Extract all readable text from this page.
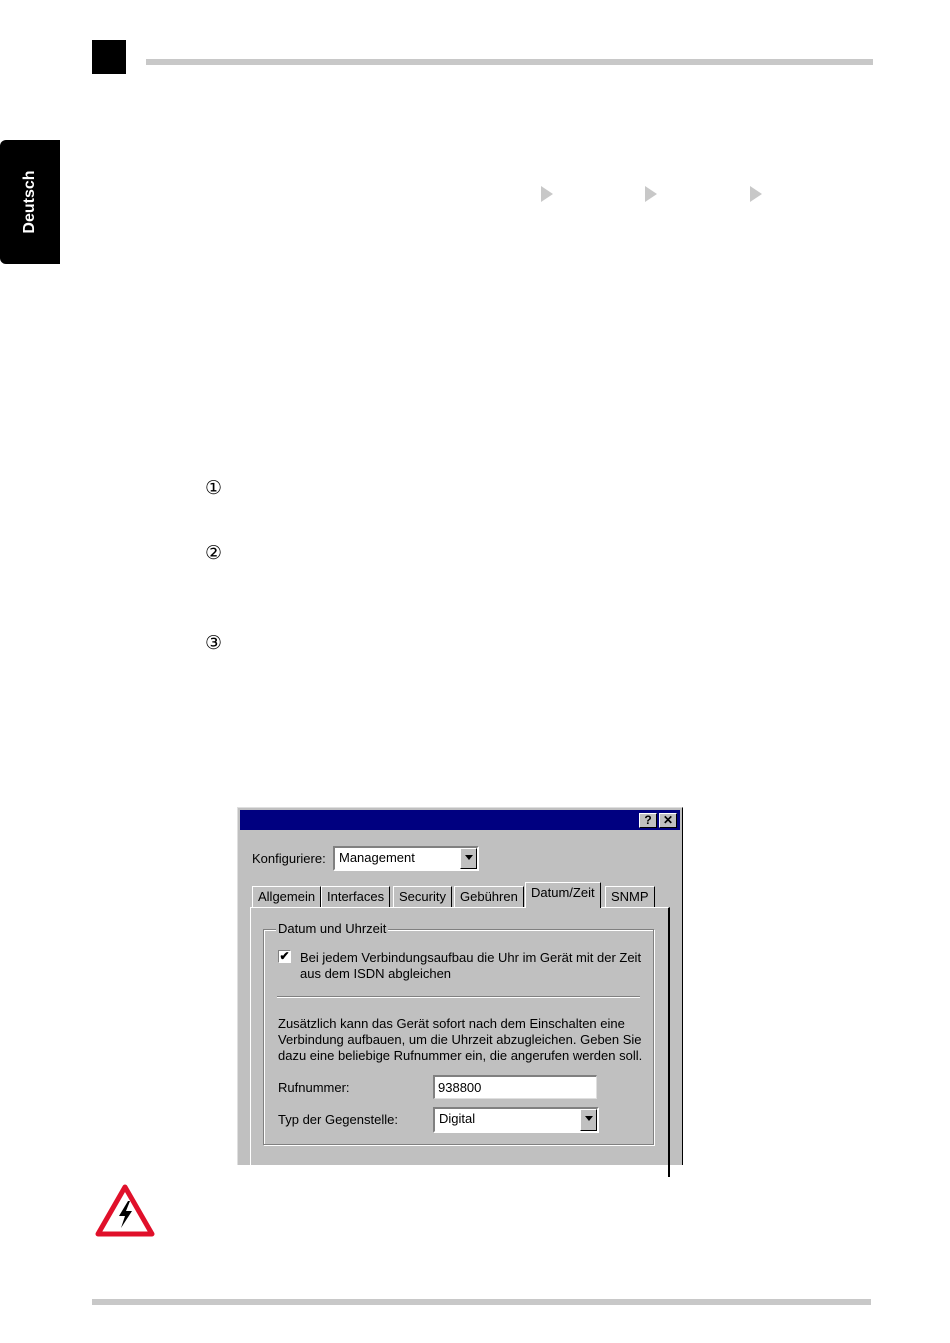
Deutsch
①
②
③
? ✕
Konfiguriere: Management
Allgemein Interfaces	Security	Gebühren	Datum/Zeit	SNMP
Datum und Uhrzeit
✔ Bei jedem Verbindungsaufbau die Uhr im Gerät mit der Zeit aus dem ISDN abgleichen
Zusätzlich kann das Gerät sofort nach dem Einschalten eine Verbindung aufbauen, um die Uhrzeit abzugleichen. Geben Sie dazu eine beliebige Rufnummer ein, die angerufen werden soll.
Rufnummer:	938800
Typ der Gegenstelle:	Digital
